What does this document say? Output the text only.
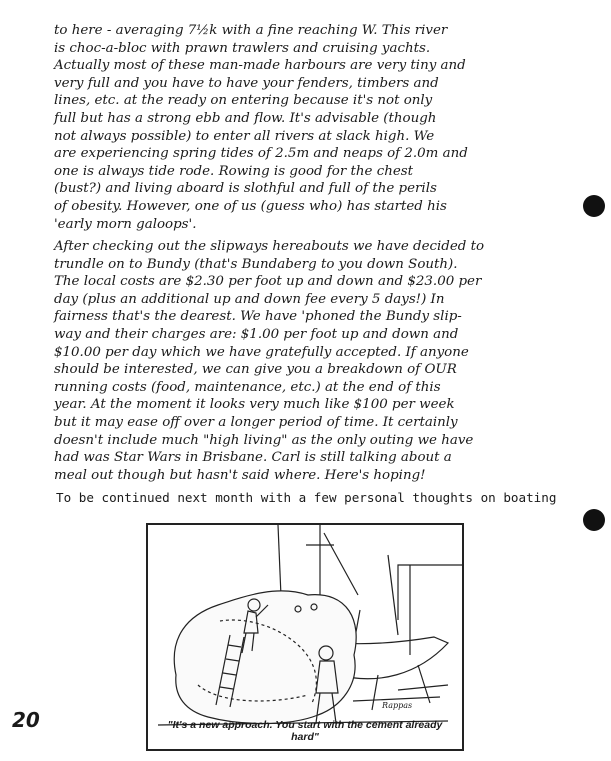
to here - averaging 7½k with a fine reaching W. This river
is choc-a-bloc with prawn trawlers and cruising yachts.
Actually most of these man-made harbours are very tiny and
very full and you have to have your fenders, timbers and
lines, etc. at the ready on entering because it's not only
full but has a strong ebb and flow. It's advisable (though
not always possible) to enter all rivers at slack high. We
are experiencing spring tides of 2.5m and neaps of 2.0m and
one is always tide rode. Rowing is good for the chest
(bust?) and living aboard is slothful and full of the perils
of obesity. However, one of us (guess who) has started his
'early morn galoops'.
After checking out the slipways hereabouts we have decided to
trundle on to Bundy (that's Bundaberg to you down South).
The local costs are $2.30 per foot up and down and $23.00 per
day (plus an additional up and down fee every 5 days!) In
fairness that's the dearest. We have 'phoned the Bundy slip-
way and their charges are: $1.00 per foot up and down and
$10.00 per day which we have gratefully accepted. If anyone
should be interested, we can give you a breakdown of OUR
running costs (food, maintenance, etc.) at the end of this
year. At the moment it looks very much like $100 per week
but it may ease off over a longer period of time. It certainly
doesn't include much "high living" as the only outing we have
had was Star Wars in Brisbane. Carl is still talking about a
meal out though but hasn't said where. Here's hoping!
To be continued next month with a few personal thoughts on boating
Rappas
"It's a new approach. You start with the cement already hard"
20
